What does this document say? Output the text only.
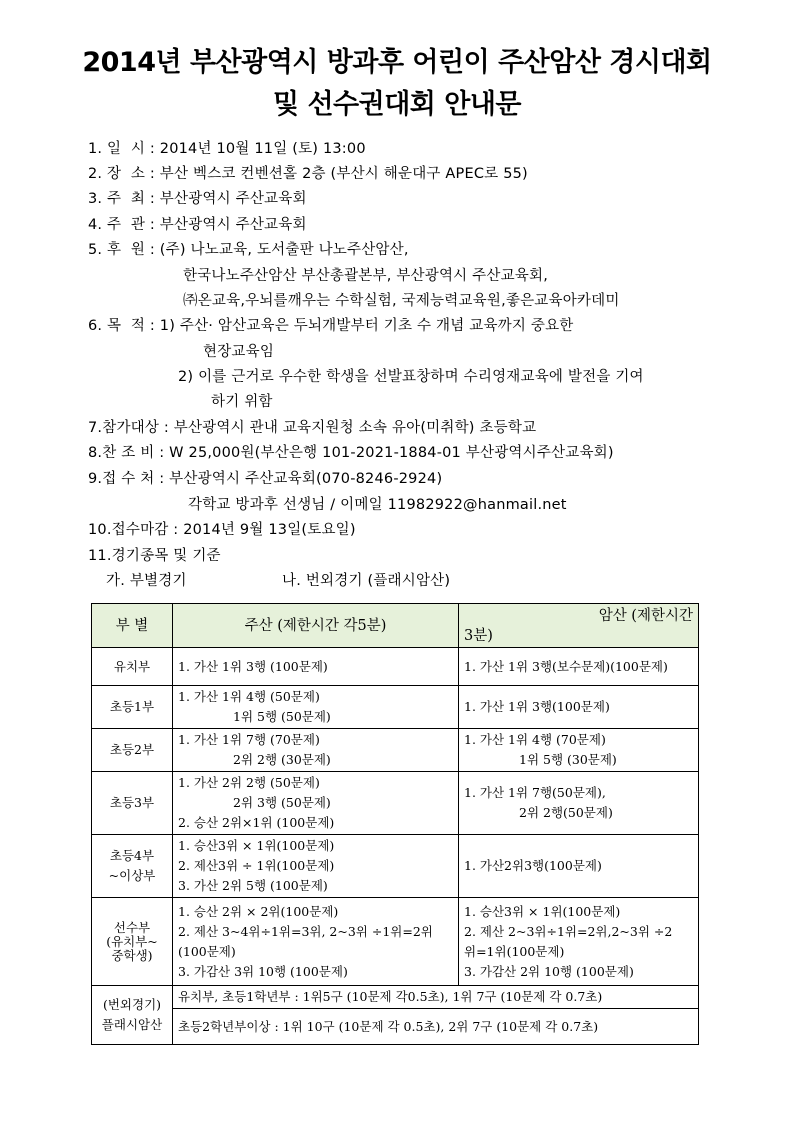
2014년 부산광역시 방과후 어린이 주산암산 경시대회
및 선수권대회 안내문
1. 일  시 : 2014년 10월 11일 (토) 13:00
2. 장  소 : 부산 벡스코 컨벤션홀 2층 (부산시 해운대구 APEC로 55)
3. 주  최 : 부산광역시 주산교육회
4. 주  관 : 부산광역시 주산교육회
5. 후  원 : (주) 나노교육, 도서출판 나노주산암산,
한국나노주산암산 부산총괄본부, 부산광역시 주산교육회,
㈜온교육,우뇌를깨우는 수학실험, 국제능력교육원,좋은교육아카데미
6. 목  적 : 1) 주산· 암산교육은 두뇌개발부터 기초 수 개념 교육까지 중요한
현장교육임
2) 이를 근거로 우수한 학생을 선발표창하며 수리영재교육에 발전을 기여
하기 위함
7.참가대상 : 부산광역시 관내 교육지원청 소속 유아(미취학) 초등학교
8.찬 조 비 : W 25,000원(부산은행 101-2021-1884-01 부산광역시주산교육회)
9.접 수 처 : 부산광역시 주산교육회(070-8246-2924)
각학교 방과후 선생님 / 이메일 11982922@hanmail.net
10.접수마감 : 2014년 9월 13일(토요일)
11.경기종목 및 기준
가. 부별경기	나. 번외경기 (플래시암산)
부 별	주산 (제한시간 각5분)	암산 (제한시간
3분)

유치부	1. 가산 1위 3행 (100문제)	1. 가산 1위 3행(보수문제)(100문제)

초등1부	1. 가산 1위 4행 (50문제)
1위 5행 (50문제)	1. 가산 1위 3행(100문제)

초등2부	1. 가산 1위 7행 (70문제)
2위 2행 (30문제)	1. 가산 1위 4행 (70문제)
1위 5행 (30문제)

초등3부	1. 가산 2위 2행 (50문제)
2위 3행 (50문제)
2. 승산 2위×1위 (100문제)	1. 가산 1위 7행(50문제),
2위 2행(50문제)

초등4부
~이상부	1. 승산3위 × 1위(100문제)
2. 제산3위 ÷ 1위(100문제)
3. 가산 2위 5행 (100문제)	1. 가산2위3행(100문제)

선수부
(유치부~
중학생)	1. 승산 2위 × 2위(100문제)
2. 제산 3~4위÷1위=3위, 2~3위 ÷1위=2위
(100문제)
3. 가감산 3위 10행 (100문제)	1. 승산3위 × 1위(100문제)
2. 제산 2~3위÷1위=2위,2~3위 ÷2
위=1위(100문제)
3. 가감산 2위 10행 (100문제)

(번외경기)
플래시암산	유치부, 초등1학년부 : 1위5구 (10문제 각0.5초), 1위 7구 (10문제 각 0.7초)	
	초등2학년부이상 : 1위 10구 (10문제 각 0.5초), 2위 7구 (10문제 각 0.7초)	
